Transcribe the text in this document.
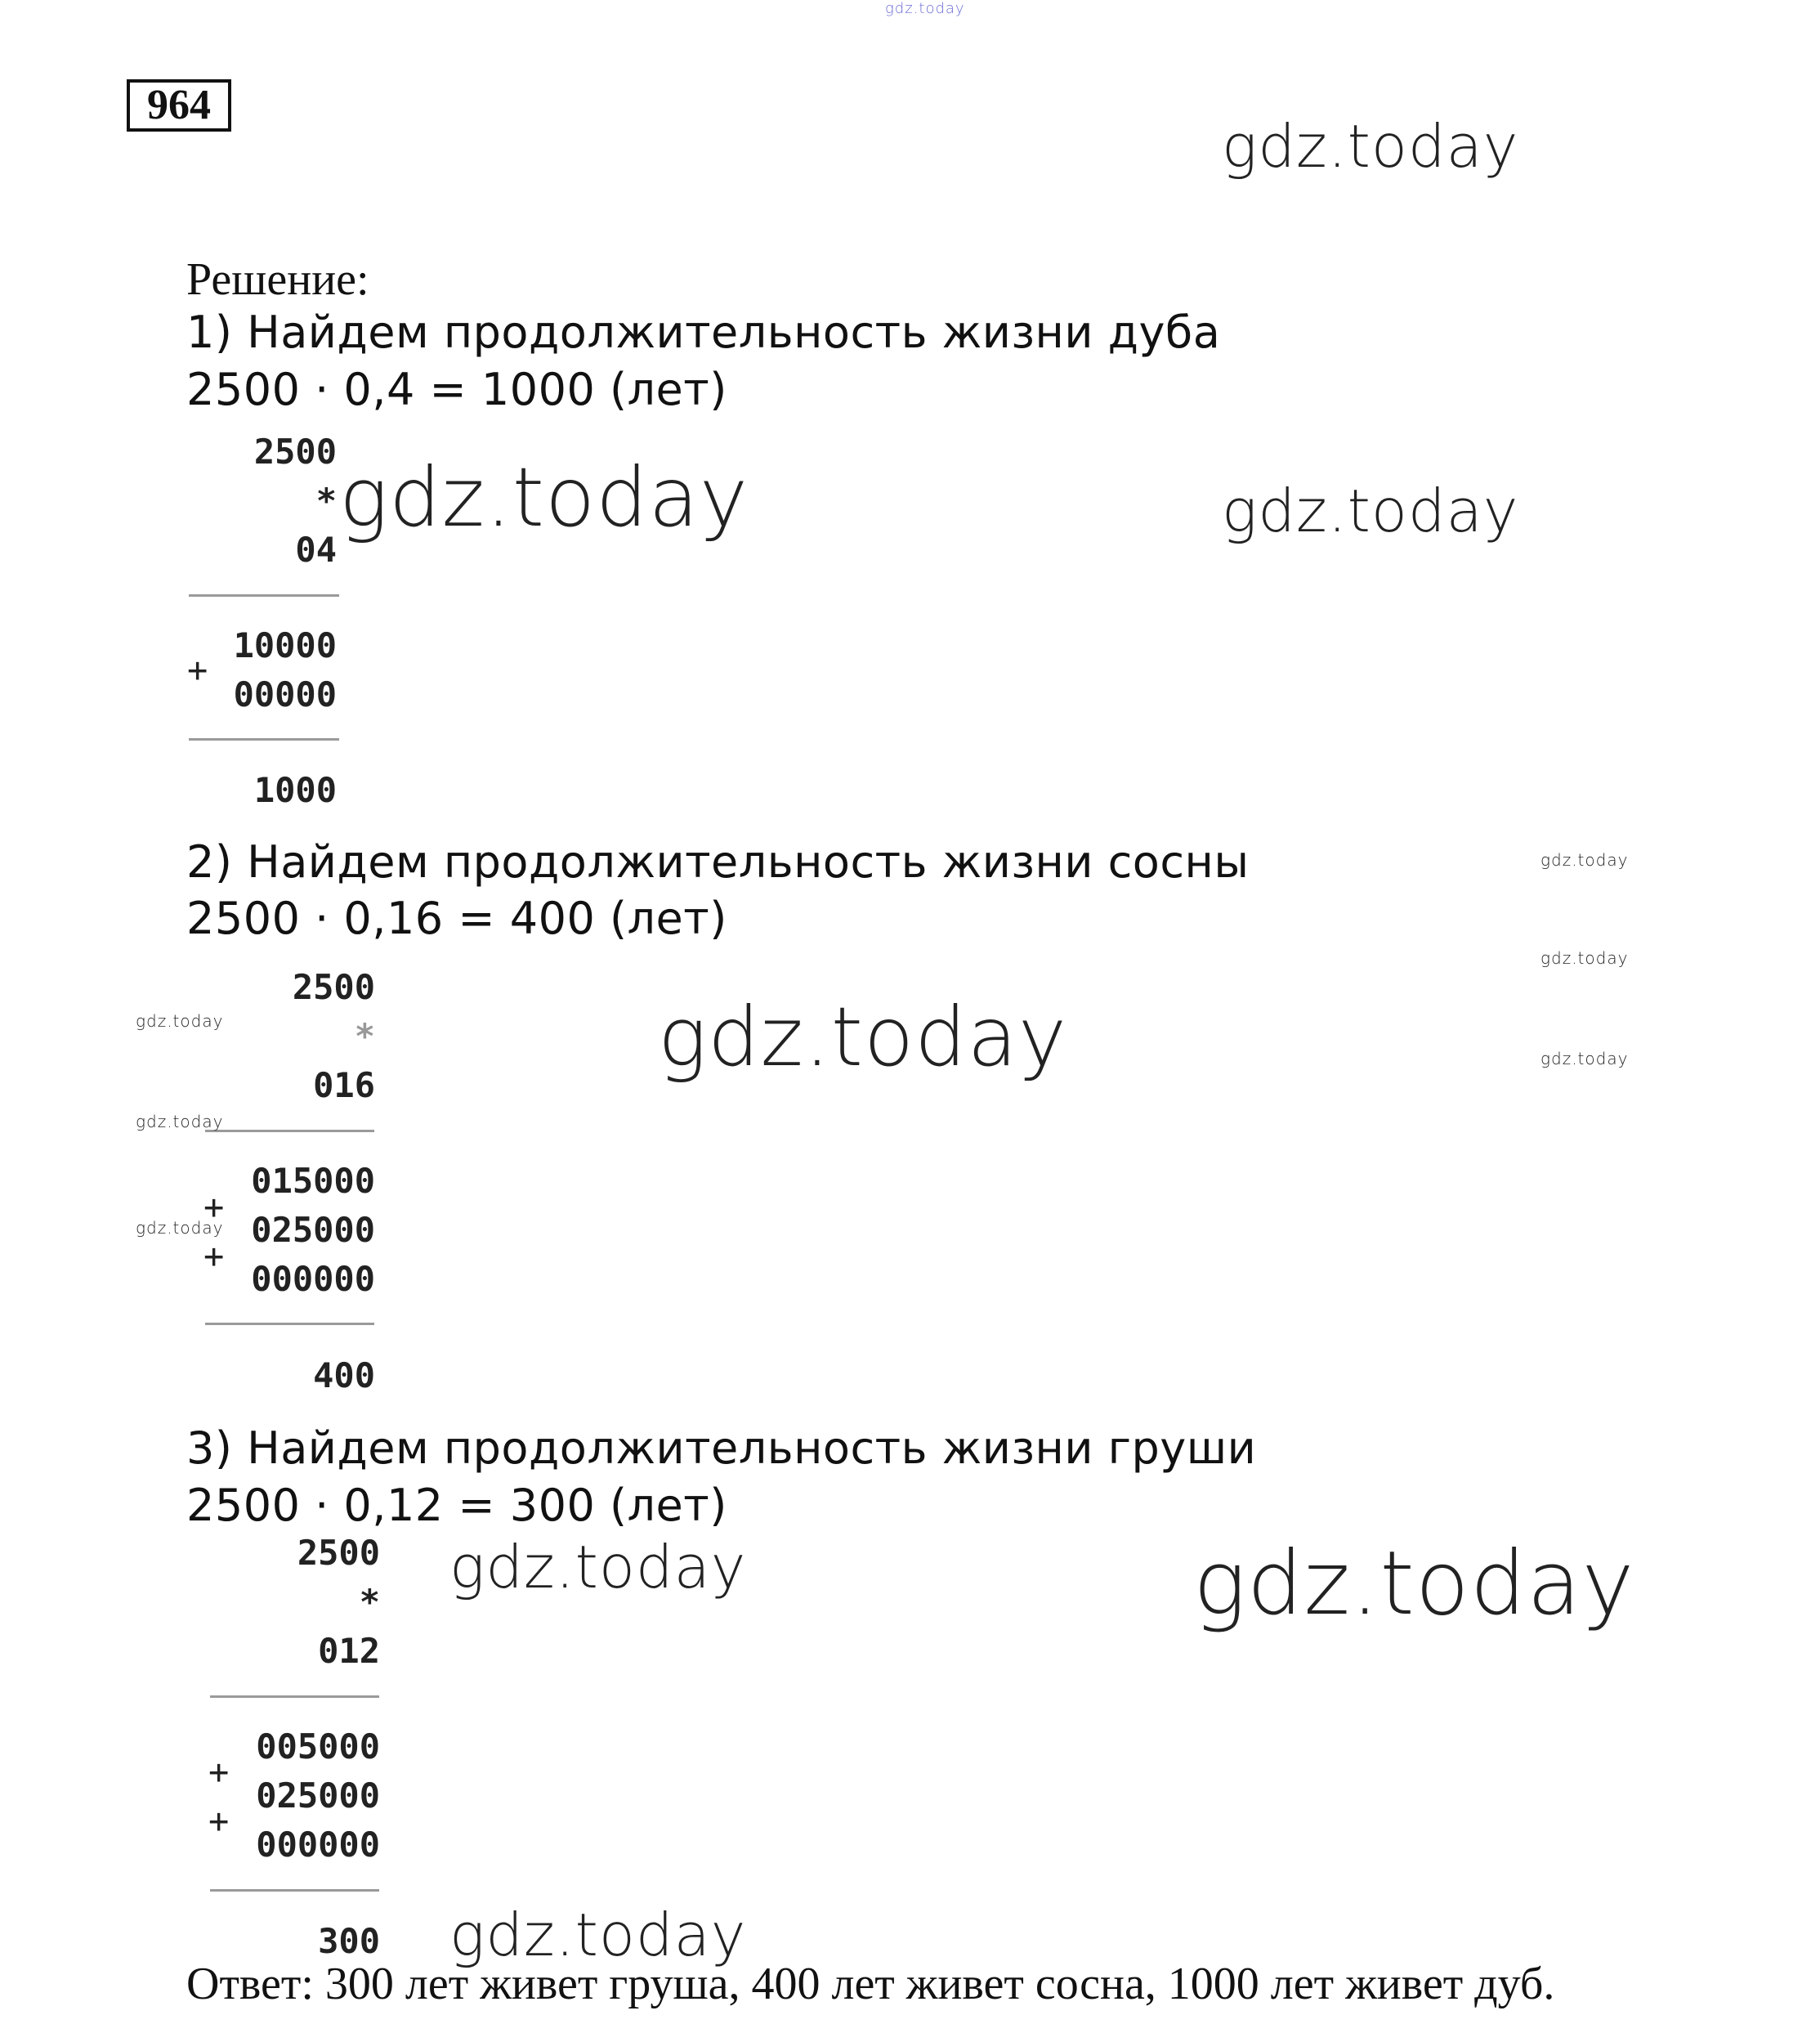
964
Решение:
1) Найдем продолжительность жизни дуба
2500 · 0,4 = 1000 (лет)
2500
*
04
10000
+
00000
1000
2) Найдем продолжительность жизни сосны
2500 · 0,16 = 400 (лет)
2500
*
016
015000
+
025000
+
000000
400
3) Найдем продолжительность жизни груши
2500 · 0,12 = 300 (лет)
2500
*
012
005000
+
025000
+
000000
300
Ответ: 300 лет живет груша, 400 лет живет сосна, 1000 лет живет дуб.
gdz.today
gdz.today
gdz.today	gdz.today
gdz.today
gdz.today
gdz.today
gdz.today
gdz.today
gdz.today
gdz.today
gdz.today	gdz.today
gdz.today
